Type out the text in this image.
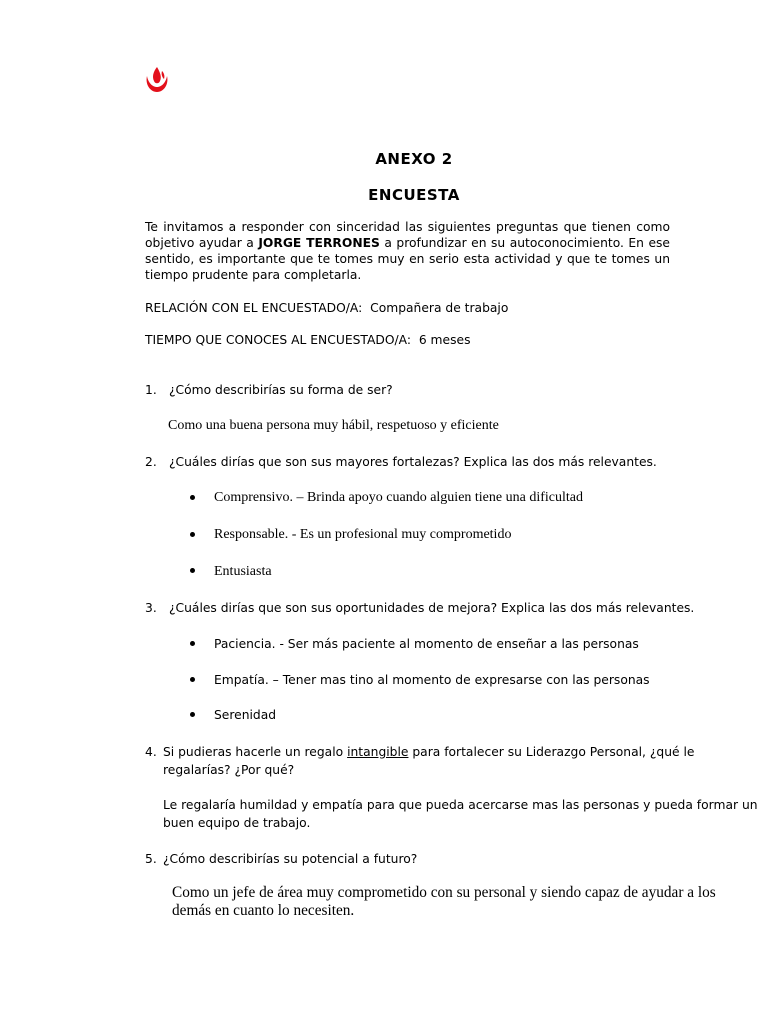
ANEXO 2
ENCUESTA
Te invitamos a responder con sinceridad las siguientes preguntas que tienen como objetivo ayudar a JORGE TERRONES a profundizar en su autoconocimiento. En ese sentido, es importante que te tomes muy en serio esta actividad y que te tomes un tiempo prudente para completarla.
RELACIÓN CON EL ENCUESTADO/A: Compañera de trabajo
TIEMPO QUE CONOCES AL ENCUESTADO/A: 6 meses
1. ¿Cómo describirías su forma de ser?
Como una buena persona muy hábil, respetuoso y eficiente
2. ¿Cuáles dirías que son sus mayores fortalezas? Explica las dos más relevantes.
Comprensivo. – Brinda apoyo cuando alguien tiene una dificultad
Responsable. - Es un profesional muy comprometido
Entusiasta
3. ¿Cuáles dirías que son sus oportunidades de mejora? Explica las dos más relevantes.
Paciencia. - Ser más paciente al momento de enseñar a las personas
Empatía. – Tener mas tino al momento de expresarse con las personas
Serenidad
4. Si pudieras hacerle un regalo intangible para fortalecer su Liderazgo Personal, ¿qué le
regalarías? ¿Por qué?
Le regalaría humildad y empatía para que pueda acercarse mas las personas y pueda formar un
buen equipo de trabajo.
5. ¿Cómo describirías su potencial a futuro?
Como un jefe de área muy comprometido con su personal y siendo capaz de ayudar a los
demás en cuanto lo necesiten.
